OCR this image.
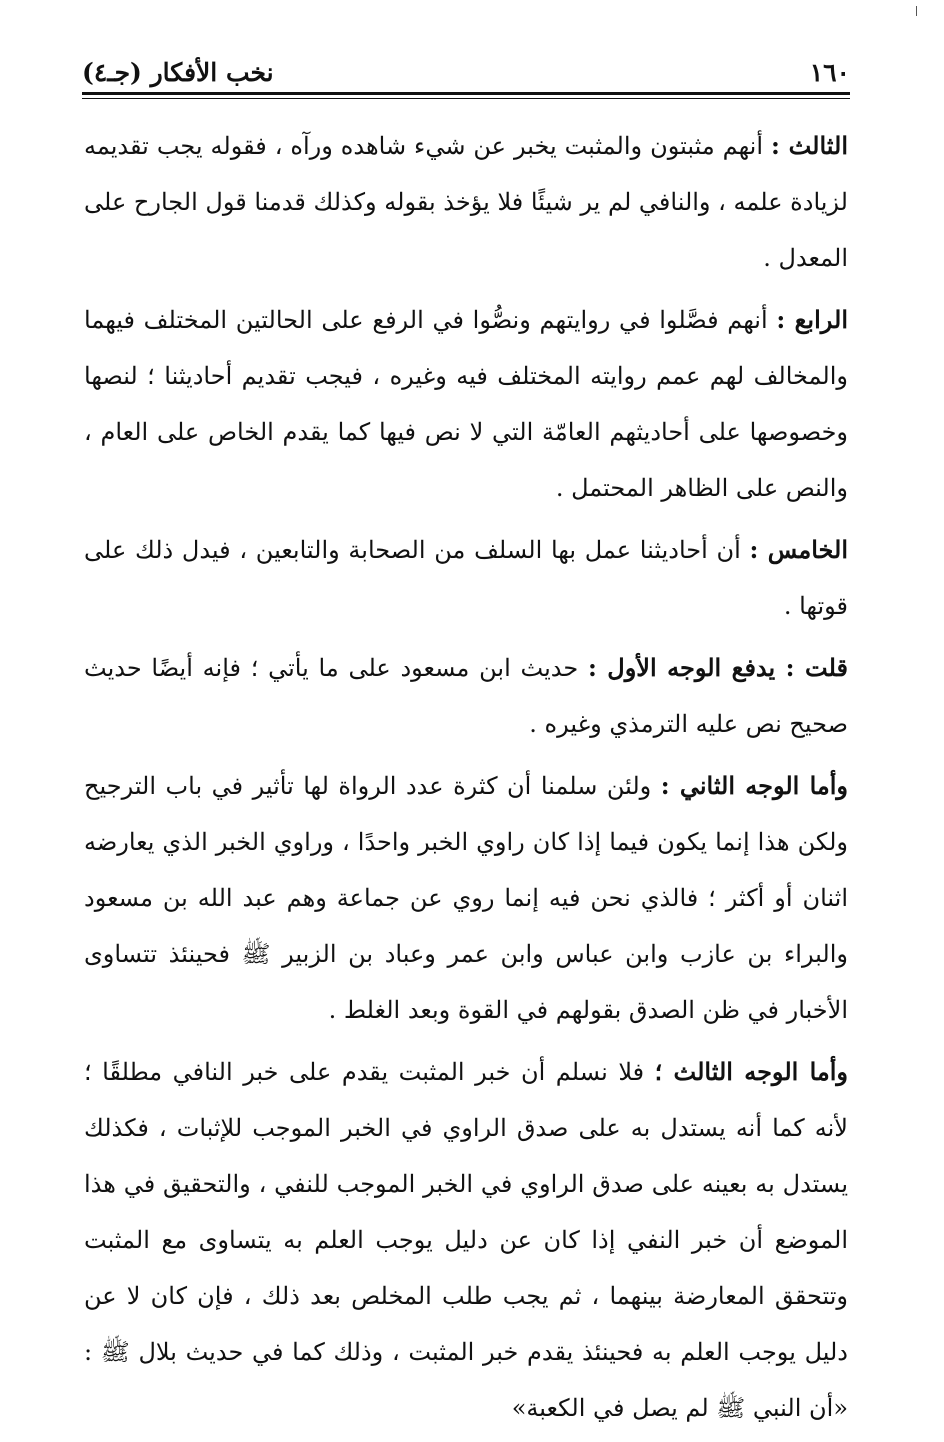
١٦٠
نخب الأفكار (جـ٤)

الثالث : أنهم مثبتون والمثبت يخبر عن شيء شاهده ورآه ، فقوله يجب تقديمه لزيادة علمه ، والنافي لم ير شيئًا فلا يؤخذ بقوله وكذلك قدمنا قول الجارح على المعدل .

الرابع : أنهم فصَّلوا في روايتهم ونصُّوا في الرفع على الحالتين المختلف فيهما والمخالف لهم عمم روايته المختلف فيه وغيره ، فيجب تقديم أحاديثنا ؛ لنصها وخصوصها على أحاديثهم العامّة التي لا نص فيها كما يقدم الخاص على العام ، والنص على الظاهر المحتمل .

الخامس : أن أحاديثنا عمل بها السلف من الصحابة والتابعين ، فيدل ذلك على قوتها .

قلت : يدفع الوجه الأول : حديث ابن مسعود على ما يأتي ؛ فإنه أيضًا حديث صحيح نص عليه الترمذي وغيره .

وأما الوجه الثاني : ولئن سلمنا أن كثرة عدد الرواة لها تأثير في باب الترجيح ولكن هذا إنما يكون فيما إذا كان راوي الخبر واحدًا ، وراوي الخبر الذي يعارضه اثنان أو أكثر ؛ فالذي نحن فيه إنما روي عن جماعة وهم عبد الله بن مسعود والبراء بن عازب وابن عباس وابن عمر وعباد بن الزبير ﷺ فحينئذ تتساوى الأخبار في ظن الصدق بقولهم في القوة وبعد الغلط .

وأما الوجه الثالث ؛ فلا نسلم أن خبر المثبت يقدم على خبر النافي مطلقًا ؛ لأنه كما أنه يستدل به على صدق الراوي في الخبر الموجب للإثبات ، فكذلك يستدل به بعينه على صدق الراوي في الخبر الموجب للنفي ، والتحقيق في هذا الموضع أن خبر النفي إذا كان عن دليل يوجب العلم به يتساوى مع المثبت وتتحقق المعارضة بينهما ، ثم يجب طلب المخلص بعد ذلك ، فإن كان لا عن دليل يوجب العلم به فحينئذ يقدم خبر المثبت ، وذلك كما في حديث بلال ﷺ : «أن النبي ﷺ لم يصل في الكعبة»
